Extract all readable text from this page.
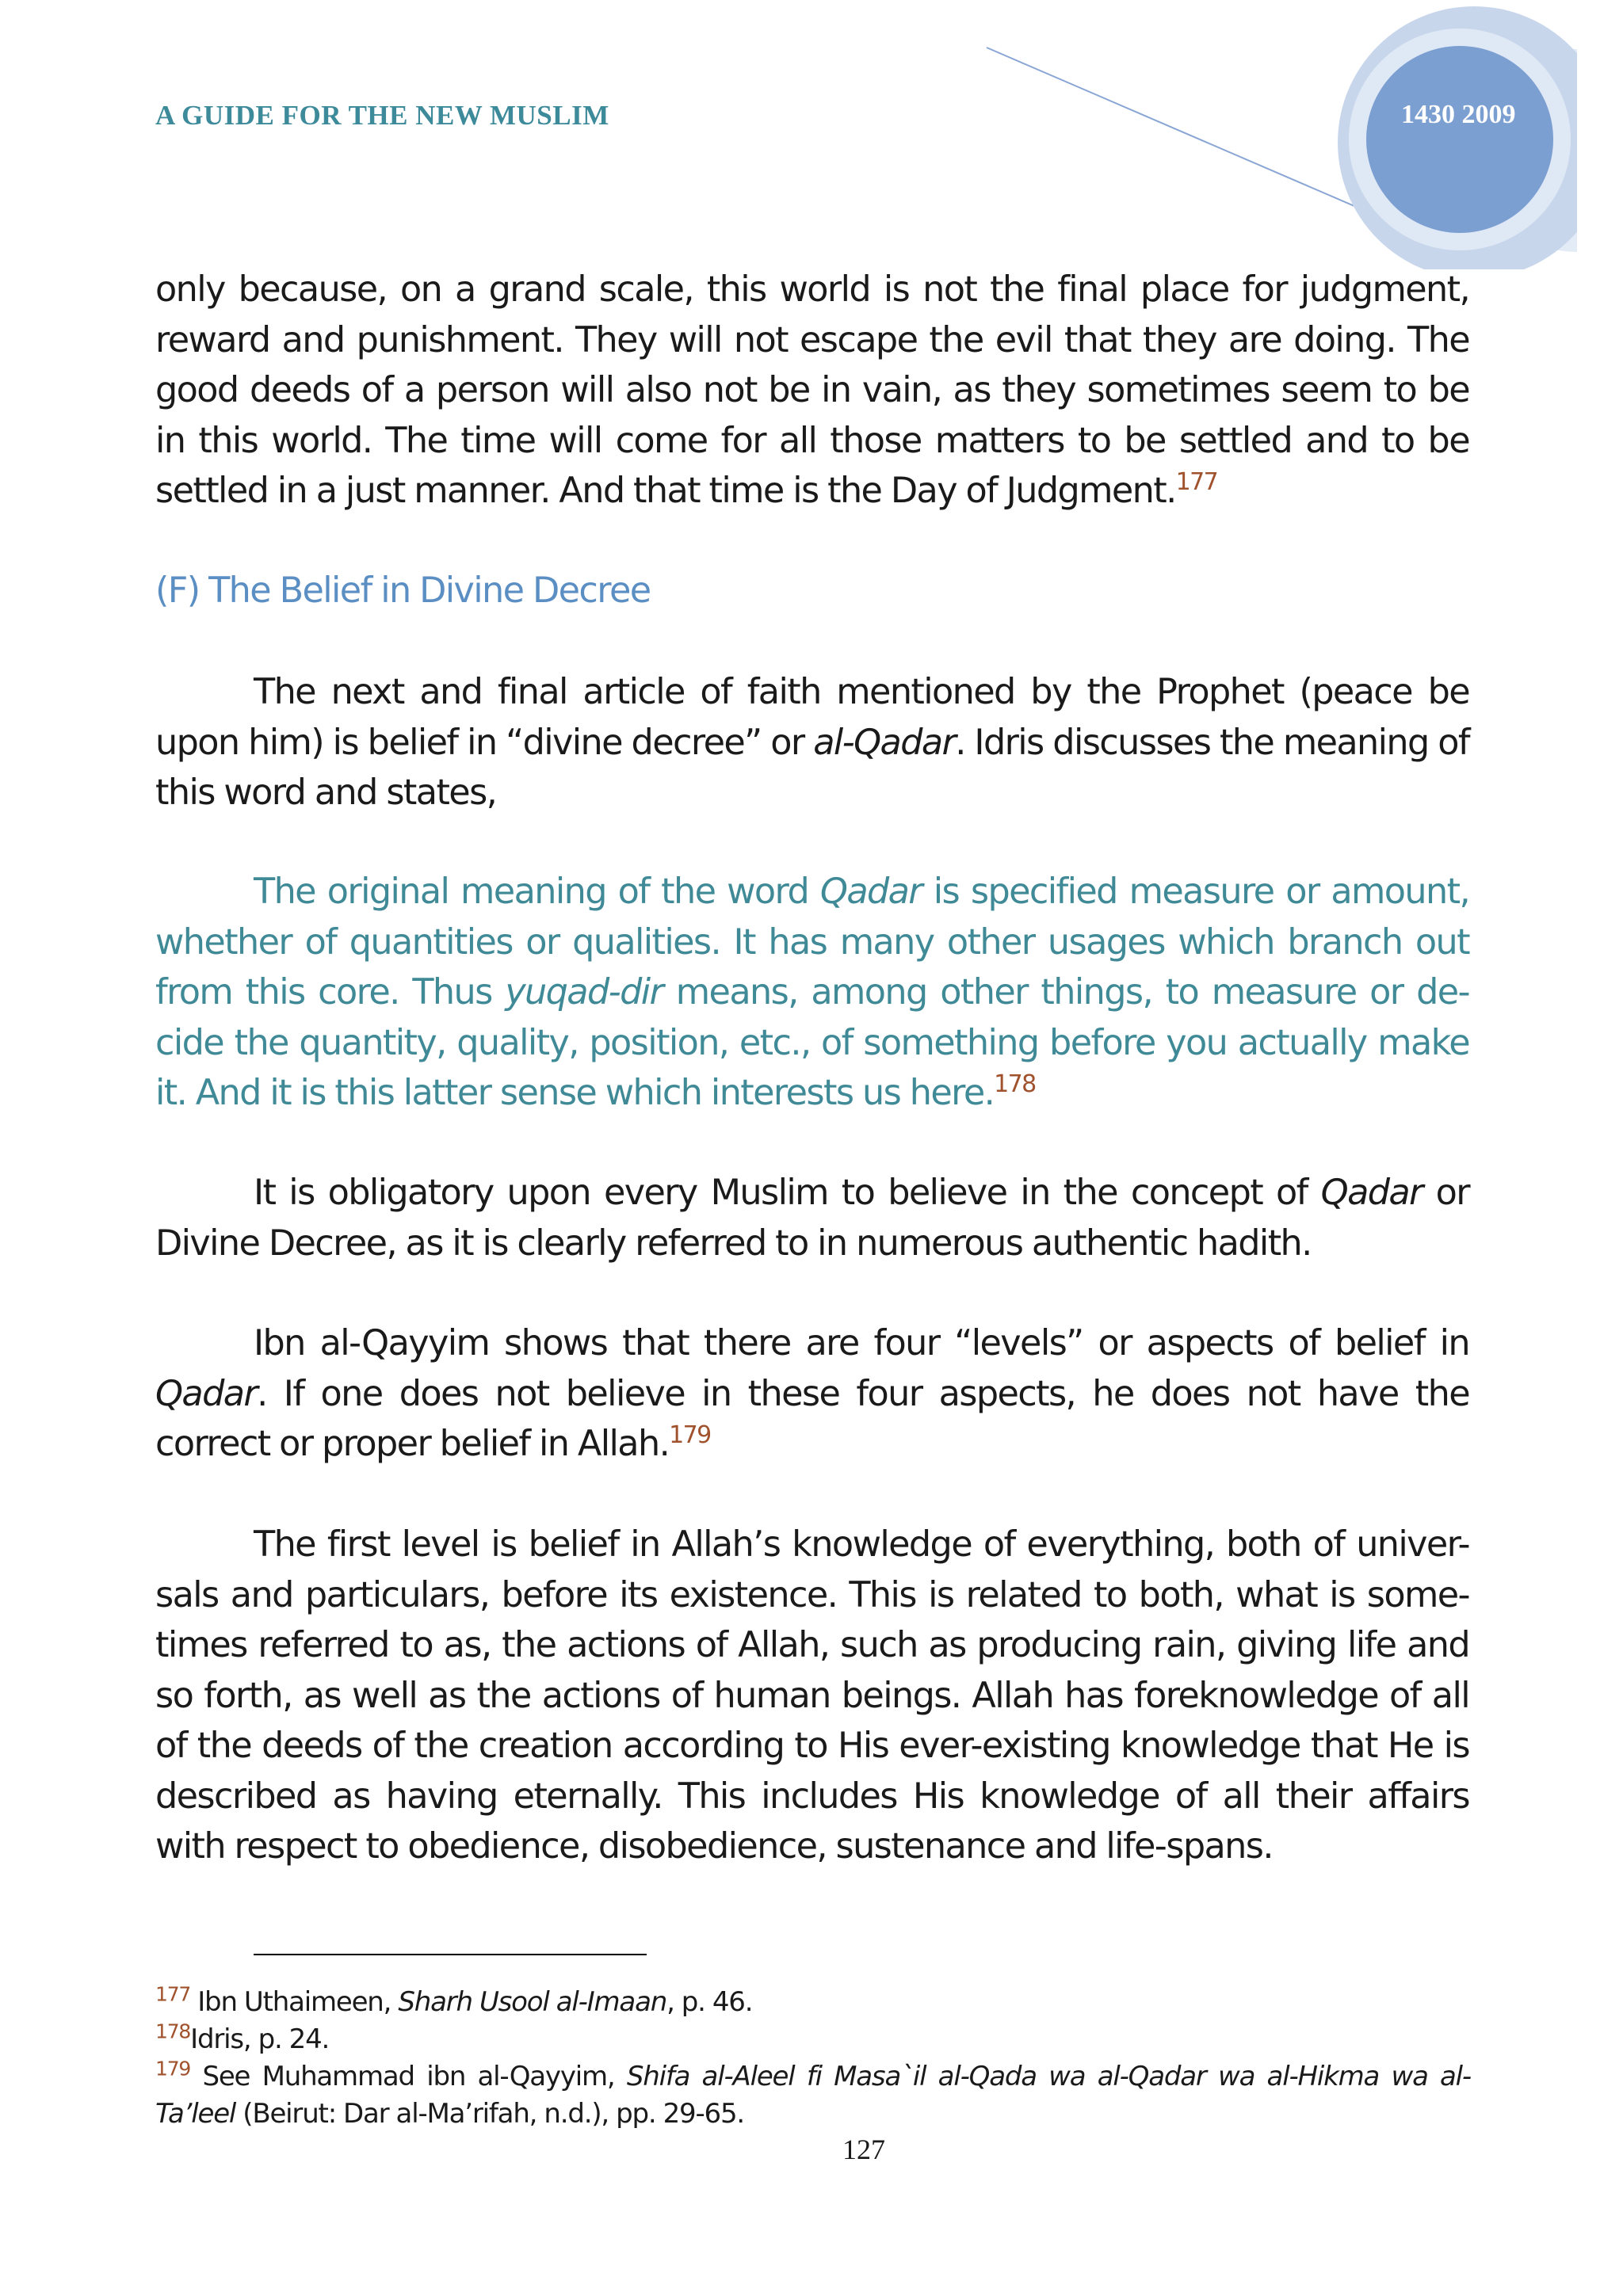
A GUIDE FOR THE NEW MUSLIM	1430 2009

only because, on a grand scale, this world is not the final place for judgment, reward and punishment. They will not escape the evil that they are doing. The good deeds of a person will also not be in vain, as they sometimes seem to be in this world. The time will come for all those matters to be settled and to be settled in a just manner. And that time is the Day of Judgment.$^{177}$

(F) The Belief in Divine Decree

The next and final article of faith mentioned by the Prophet (peace be upon him) is belief in “divine decree” or al-Qadar. Idris discusses the meaning of this word and states,

The original meaning of the word Qadar is specified measure or amount, whether of quantities or qualities. It has many other usages which branch out from this core. Thus yuqad-dir means, among other things, to measure or de-cide the quantity, quality, position, etc., of something before you actually make it. And it is this latter sense which interests us here.$^{178}$

It is obligatory upon every Muslim to believe in the concept of Qadar or Divine Decree, as it is clearly referred to in numerous authentic hadith.

Ibn al-Qayyim shows that there are four “levels” or aspects of belief in Qadar. If one does not believe in these four aspects, he does not have the correct or proper belief in Allah.$^{179}$

The first level is belief in Allah’s knowledge of everything, both of univer-sals and particulars, before its existence. This is related to both, what is some-times referred to as, the actions of Allah, such as producing rain, giving life and so forth, as well as the actions of human beings. Allah has foreknowledge of all of the deeds of the creation according to His ever-existing knowledge that He is described as having eternally. This includes His knowledge of all their affairs with respect to obedience, disobedience, sustenance and life-spans.

$^{177}$ Ibn Uthaimeen, Sharh Usool al-Imaan, p. 46.
$^{178}$Idris, p. 24.
$^{179}$ See Muhammad ibn al-Qayyim, Shifa al-Aleel fi Masa`il al-Qada wa al-Qadar wa al-Hikma wa al-Ta’leel (Beirut: Dar al-Ma’rifah, n.d.), pp. 29-65.
127
